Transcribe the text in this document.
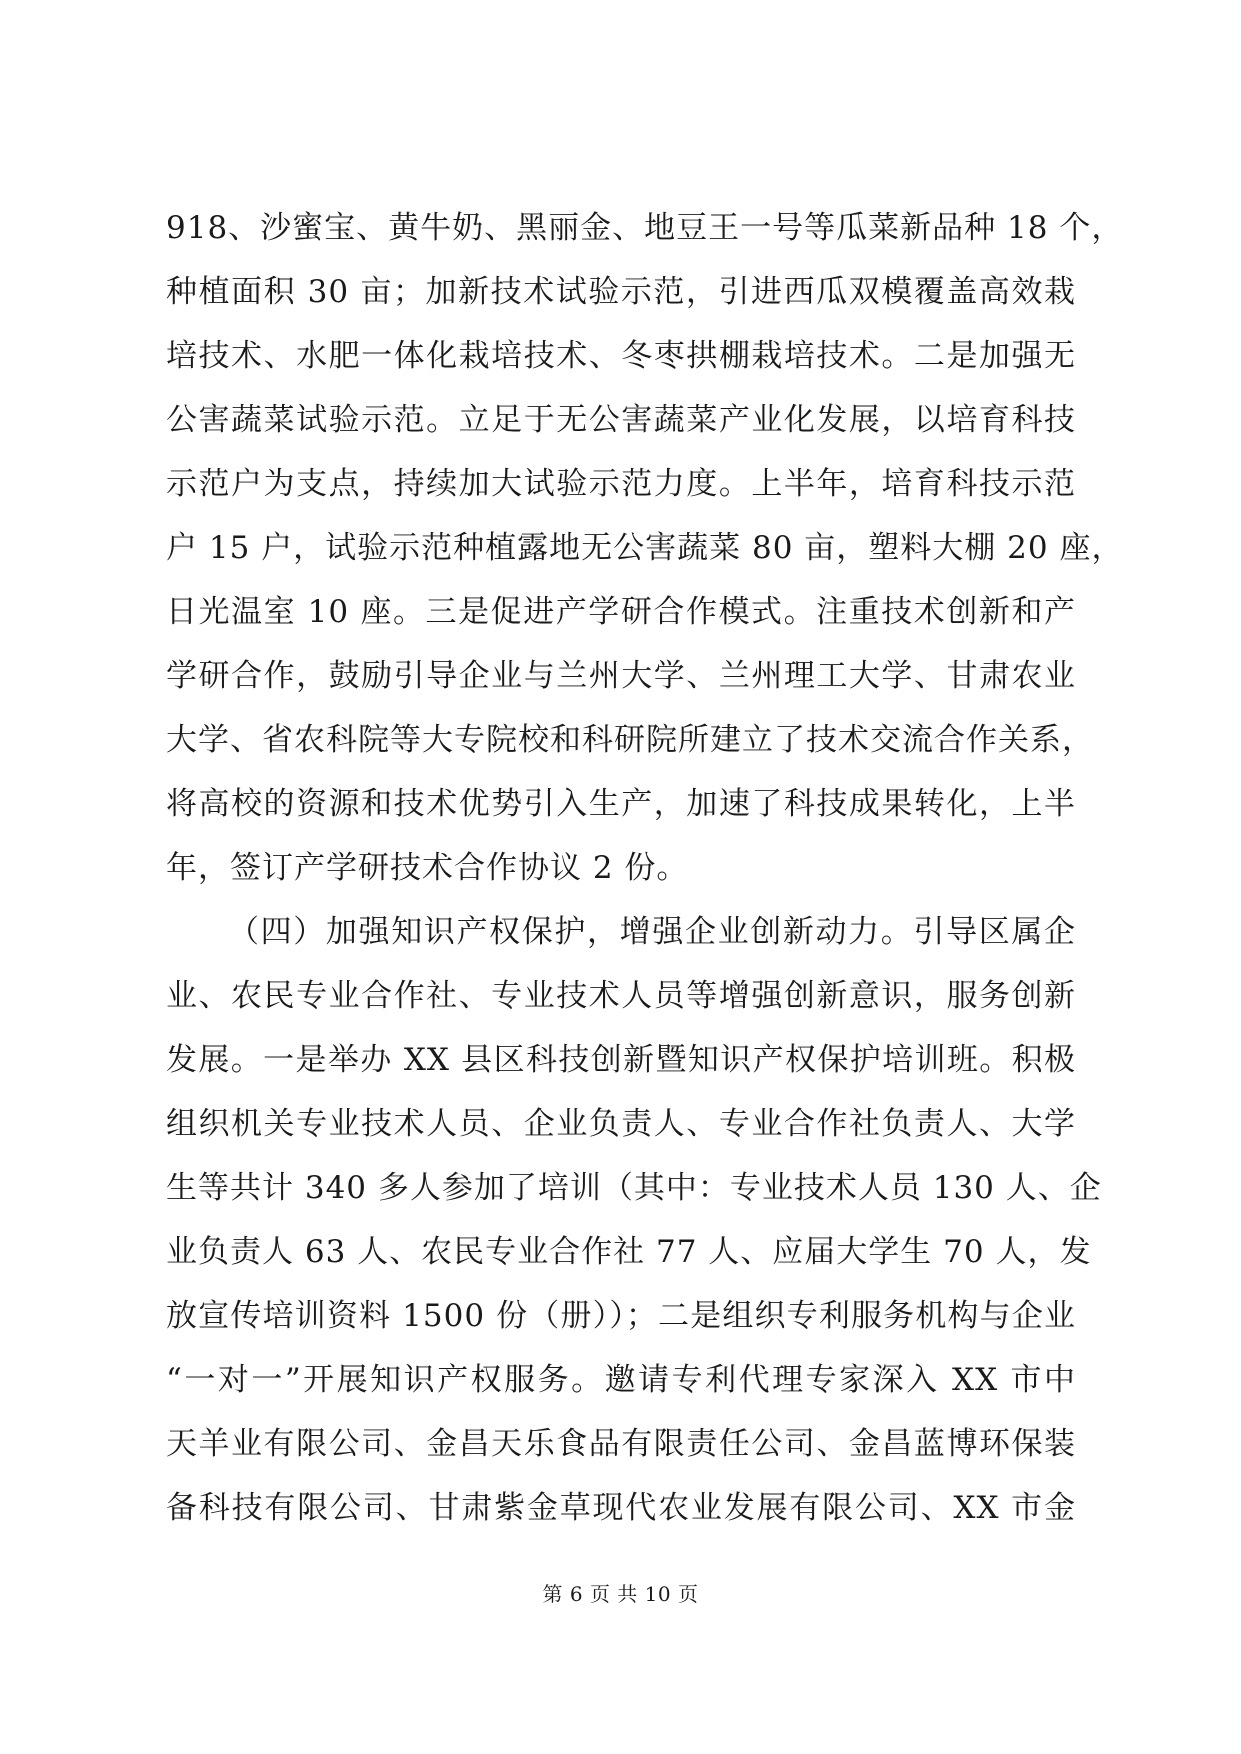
918、沙蜜宝、黄牛奶、黑丽金、地豆王一号等瓜菜新品种 18 个，
种植面积 30 亩；加新技术试验示范，引进西瓜双模覆盖高效栽
培技术、水肥一体化栽培技术、冬枣拱棚栽培技术。二是加强无
公害蔬菜试验示范。立足于无公害蔬菜产业化发展，以培育科技
示范户为支点，持续加大试验示范力度。上半年，培育科技示范
户 15 户，试验示范种植露地无公害蔬菜 80 亩，塑料大棚 20 座，
日光温室 10 座。三是促进产学研合作模式。注重技术创新和产
学研合作，鼓励引导企业与兰州大学、兰州理工大学、甘肃农业
大学、省农科院等大专院校和科研院所建立了技术交流合作关系，
将高校的资源和技术优势引入生产，加速了科技成果转化，上半
年，签订产学研技术合作协议 2 份。
（四）加强知识产权保护，增强企业创新动力。引导区属企
业、农民专业合作社、专业技术人员等增强创新意识，服务创新
发展。一是举办 XX 县区科技创新暨知识产权保护培训班。积极
组织机关专业技术人员、企业负责人、专业合作社负责人、大学
生等共计 340 多人参加了培训（其中：专业技术人员 130 人、企
业负责人 63 人、农民专业合作社 77 人、应届大学生 70 人，发
放宣传培训资料 1500 份（册））；二是组织专利服务机构与企业
“一对一”开展知识产权服务。邀请专利代理专家深入 XX 市中
天羊业有限公司、金昌天乐食品有限责任公司、金昌蓝博环保装
备科技有限公司、甘肃紫金草现代农业发展有限公司、XX 市金
第 6 页 共 10 页
